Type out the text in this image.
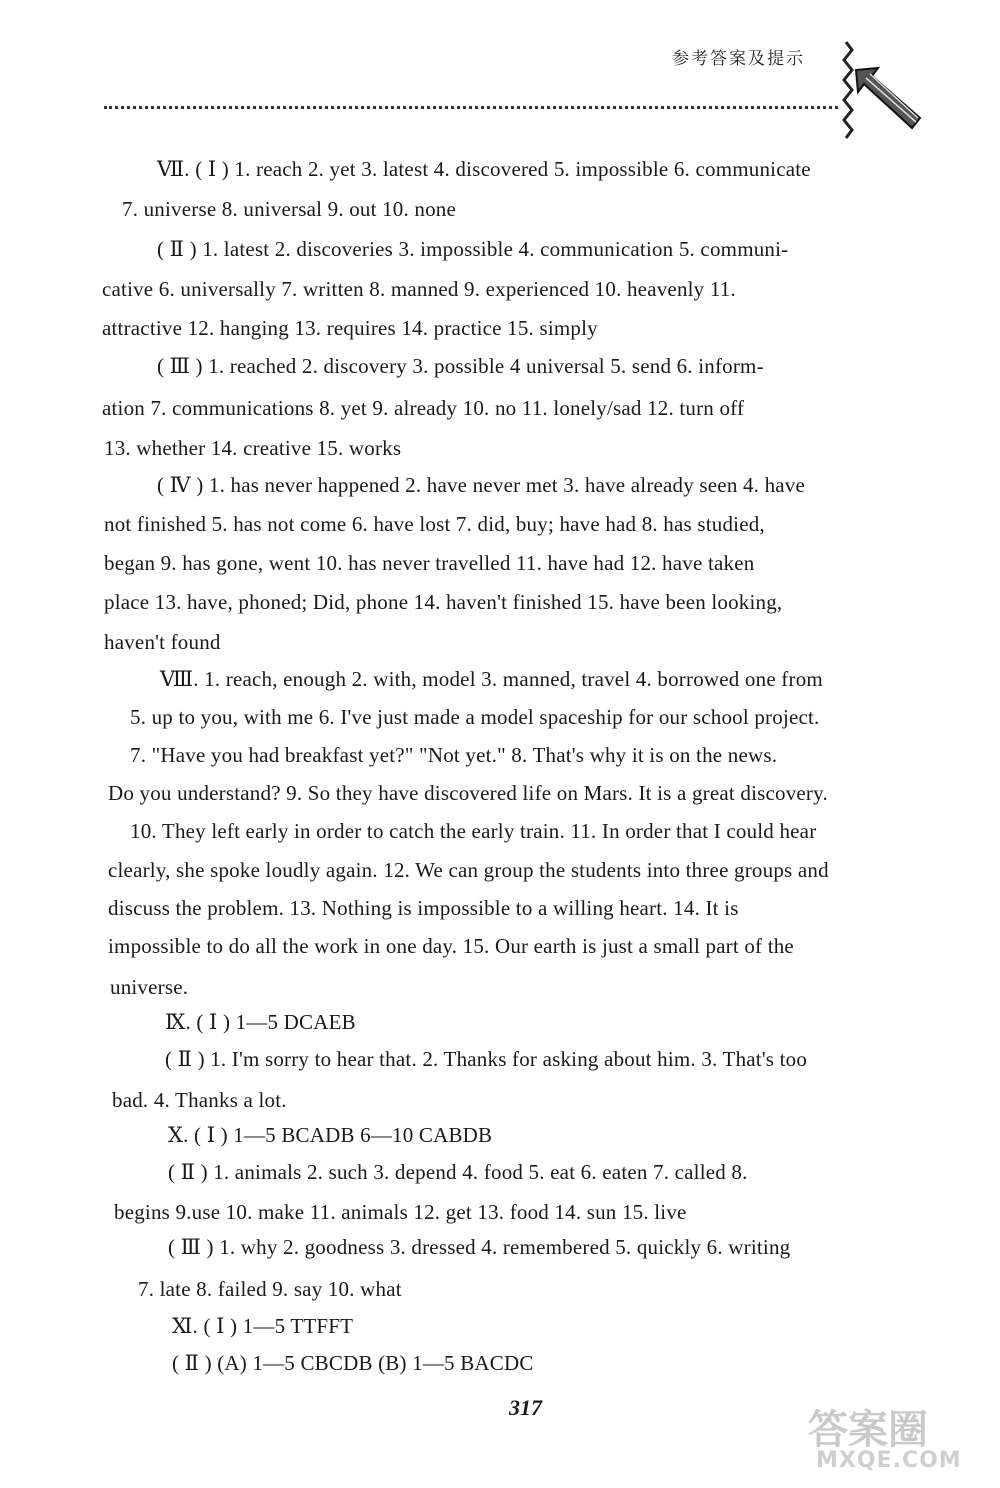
参考答案及提示
Ⅶ. ( Ⅰ ) 1. reach 2. yet 3. latest 4. discovered 5. impossible 6. communicate
7. universe 8. universal 9. out 10. none
( Ⅱ ) 1. latest 2. discoveries 3. impossible 4. communication 5. communi-
cative 6. universally 7. written 8. manned 9. experienced 10. heavenly 11.
attractive 12. hanging 13. requires 14. practice 15. simply
( Ⅲ ) 1. reached 2. discovery 3. possible 4 universal 5. send 6. inform-
ation 7. communications 8. yet 9. already 10. no 11. lonely/sad 12. turn off
13. whether 14. creative 15. works
( Ⅳ ) 1. has never happened 2. have never met 3. have already seen 4. have
not finished 5. has not come 6. have lost 7. did, buy; have had 8. has studied,
began 9. has gone, went 10. has never travelled 11. have had 12. have taken
place 13. have, phoned; Did, phone 14. haven't finished 15. have been looking,
haven't found
Ⅷ. 1. reach, enough 2. with, model 3. manned, travel 4. borrowed one from
5. up to you, with me 6. I've just made a model spaceship for our school project.
7. "Have you had breakfast yet?" "Not yet." 8. That's why it is on the news.
Do you understand? 9. So they have discovered life on Mars. It is a great discovery.
10. They left early in order to catch the early train. 11. In order that I could hear
clearly, she spoke loudly again. 12. We can group the students into three groups and
discuss the problem. 13. Nothing is impossible to a willing heart. 14. It is
impossible to do all the work in one day. 15. Our earth is just a small part of the
universe.
Ⅸ. ( Ⅰ ) 1—5 DCAEB
( Ⅱ ) 1. I'm sorry to hear that. 2. Thanks for asking about him. 3. That's too
bad. 4. Thanks a lot.
Ⅹ. ( Ⅰ ) 1—5 BCADB 6—10 CABDB
( Ⅱ ) 1. animals 2. such 3. depend 4. food 5. eat 6. eaten 7. called 8.
begins 9.use 10. make 11. animals 12. get 13. food 14. sun 15. live
( Ⅲ ) 1. why 2. goodness 3. dressed 4. remembered 5. quickly 6. writing
7. late 8. failed 9. say 10. what
Ⅺ. ( Ⅰ ) 1—5 TTFFT
( Ⅱ ) (A) 1—5 CBCDB (B) 1—5 BACDC
317	答案圈
MXQE.COM
